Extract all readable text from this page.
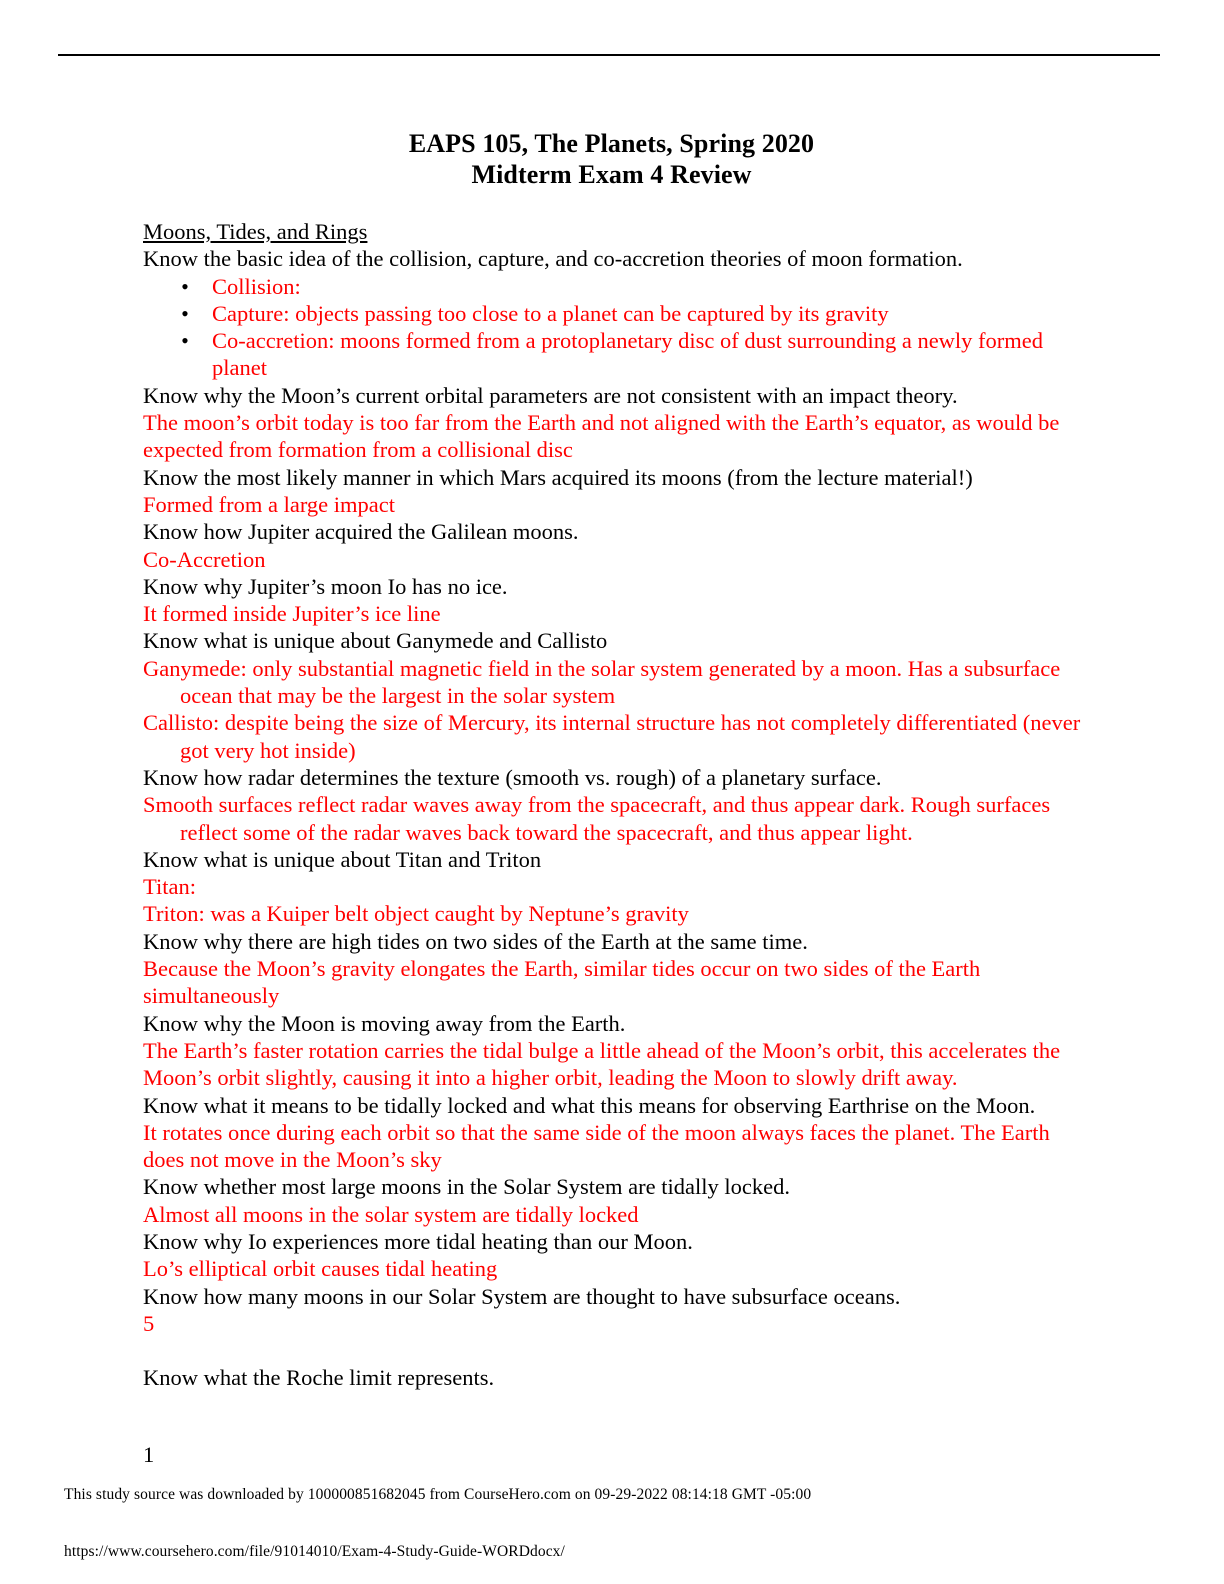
EAPS 105, The Planets, Spring 2020
Midterm Exam 4 Review
Moons, Tides, and Rings
Know the basic idea of the collision, capture, and co-accretion theories of moon formation.
• Collision:
• Capture: objects passing too close to a planet can be captured by its gravity
• Co-accretion: moons formed from a protoplanetary disc of dust surrounding a newly formed planet
Know why the Moon’s current orbital parameters are not consistent with an impact theory.
The moon’s orbit today is too far from the Earth and not aligned with the Earth’s equator, as would be expected from formation from a collisional disc
Know the most likely manner in which Mars acquired its moons (from the lecture material!)
Formed from a large impact
Know how Jupiter acquired the Galilean moons.
Co-Accretion
Know why Jupiter’s moon Io has no ice.
It formed inside Jupiter’s ice line
Know what is unique about Ganymede and Callisto
Ganymede: only substantial magnetic field in the solar system generated by a moon. Has a subsurface ocean that may be the largest in the solar system
Callisto: despite being the size of Mercury, its internal structure has not completely differentiated (never got very hot inside)
Know how radar determines the texture (smooth vs. rough) of a planetary surface.
Smooth surfaces reflect radar waves away from the spacecraft, and thus appear dark. Rough surfaces reflect some of the radar waves back toward the spacecraft, and thus appear light.
Know what is unique about Titan and Triton
Titan:
Triton: was a Kuiper belt object caught by Neptune’s gravity
Know why there are high tides on two sides of the Earth at the same time.
Because the Moon’s gravity elongates the Earth, similar tides occur on two sides of the Earth simultaneously
Know why the Moon is moving away from the Earth.
The Earth’s faster rotation carries the tidal bulge a little ahead of the Moon’s orbit, this accelerates the Moon’s orbit slightly, causing it into a higher orbit, leading the Moon to slowly drift away.
Know what it means to be tidally locked and what this means for observing Earthrise on the Moon.
It rotates once during each orbit so that the same side of the moon always faces the planet. The Earth does not move in the Moon’s sky
Know whether most large moons in the Solar System are tidally locked.
Almost all moons in the solar system are tidally locked
Know why Io experiences more tidal heating than our Moon.
Lo’s elliptical orbit causes tidal heating
Know how many moons in our Solar System are thought to have subsurface oceans.
5
Know what the Roche limit represents.
1
This study source was downloaded by 100000851682045 from CourseHero.com on 09-29-2022 08:14:18 GMT -05:00
https://www.coursehero.com/file/91014010/Exam-4-Study-Guide-WORDdocx/
